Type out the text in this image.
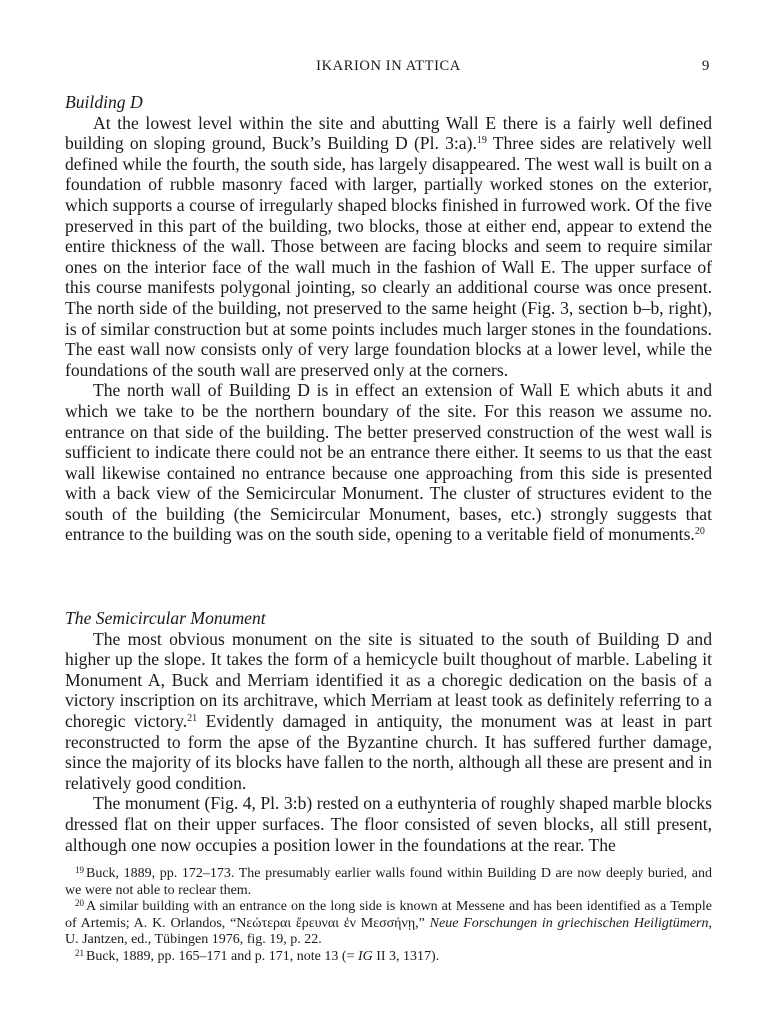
IKARION IN ATTICA	9

Building D

At the lowest level within the site and abutting Wall E there is a fairly well defined building on sloping ground, Buck’s Building D (Pl. 3:a).$^{19}$ Three sides are relatively well defined while the fourth, the south side, has largely disappeared. The west wall is built on a foundation of rubble masonry faced with larger, partially worked stones on the exterior, which supports a course of irregularly shaped blocks finished in furrowed work. Of the five preserved in this part of the building, two blocks, those at either end, appear to extend the entire thickness of the wall. Those between are facing blocks and seem to require similar ones on the interior face of the wall much in the fashion of Wall E. The upper surface of this course manifests polygonal jointing, so clearly an additional course was once present. The north side of the building, not preserved to the same height (Fig. 3, section b–b, right), is of similar construction but at some points includes much larger stones in the foundations. The east wall now consists only of very large foundation blocks at a lower level, while the foundations of the south wall are preserved only at the corners.

The north wall of Building D is in effect an extension of Wall E which abuts it and which we take to be the northern boundary of the site. For this reason we assume no. entrance on that side of the building. The better preserved construction of the west wall is sufficient to indicate there could not be an entrance there either. It seems to us that the east wall likewise contained no entrance because one approaching from this side is presented with a back view of the Semicircular Monument. The cluster of structures evident to the south of the building (the Semicircular Monument, bases, etc.) strongly suggests that entrance to the building was on the south side, opening to a veritable field of monuments.$^{20}$

The Semicircular Monument

The most obvious monument on the site is situated to the south of Building D and higher up the slope. It takes the form of a hemicycle built thoughout of marble. Labeling it Monument A, Buck and Merriam identified it as a choregic dedication on the basis of a victory inscription on its architrave, which Merriam at least took as definitely referring to a choregic victory.$^{21}$ Evidently damaged in antiquity, the monument was at least in part reconstructed to form the apse of the Byzantine church. It has suffered further damage, since the majority of its blocks have fallen to the north, although all these are present and in relatively good condition.

The monument (Fig. 4, Pl. 3:b) rested on a euthynteria of roughly shaped marble blocks dressed flat on their upper surfaces. The floor consisted of seven blocks, all still present, although one now occupies a position lower in the foundations at the rear. The

$^{19}$ Buck, 1889, pp. 172–173. The presumably earlier walls found within Building D are now deeply buried, and we were not able to reclear them.

$^{20}$ A similar building with an entrance on the long side is known at Messene and has been identified as a Temple of Artemis; A. K. Orlandos, “Νεώτεραι ἔρευναι ἐν Μεσσήνῃ,” Neue Forschungen in griechischen Heiligtümern, U. Jantzen, ed., Tübingen 1976, fig. 19, p. 22.

$^{21}$ Buck, 1889, pp. 165–171 and p. 171, note 13 (= IG II 3, 1317).
